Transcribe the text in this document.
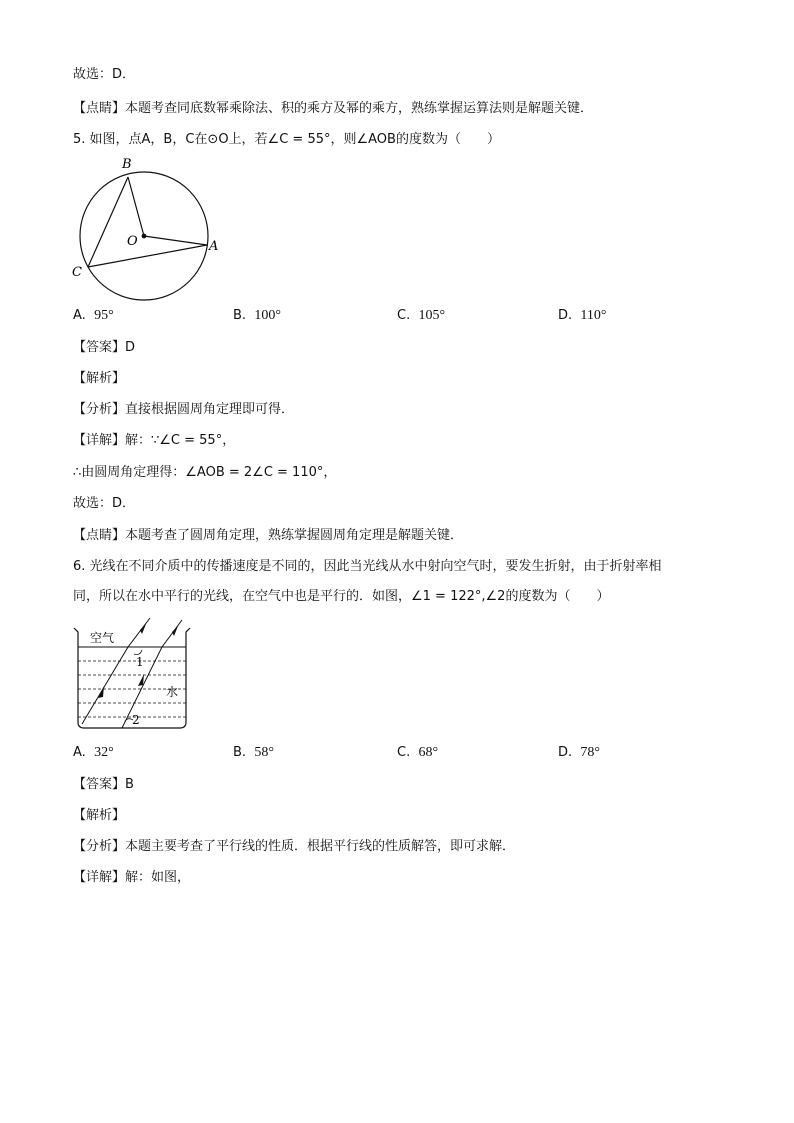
故选：D．
【点睛】本题考查同底数幂乘除法、积的乘方及幂的乘方，熟练掌握运算法则是解题关键．
5. 如图，点A，B，C在⊙O上，若∠C = 55°，则∠AOB的度数为（　　）
B
O	A
C
A. 95°	B. 100°	C. 105°	D. 110°
【答案】D
【解析】
【分析】直接根据圆周角定理即可得．
【详解】解：∵∠C = 55°，
∴由圆周角定理得：∠AOB = 2∠C = 110°，
故选：D．
【点睛】本题考查了圆周角定理，熟练掌握圆周角定理是解题关键．
6. 光线在不同介质中的传播速度是不同的，因此当光线从水中射向空气时，要发生折射，由于折射率相
同，所以在水中平行的光线，在空气中也是平行的．如图，∠1 = 122°,∠2的度数为（　　）
空气
水
1
2
A. 32°	B. 58°	C. 68°	D. 78°
【答案】B
【解析】
【分析】本题主要考查了平行线的性质．根据平行线的性质解答，即可求解．
【详解】解：如图，
